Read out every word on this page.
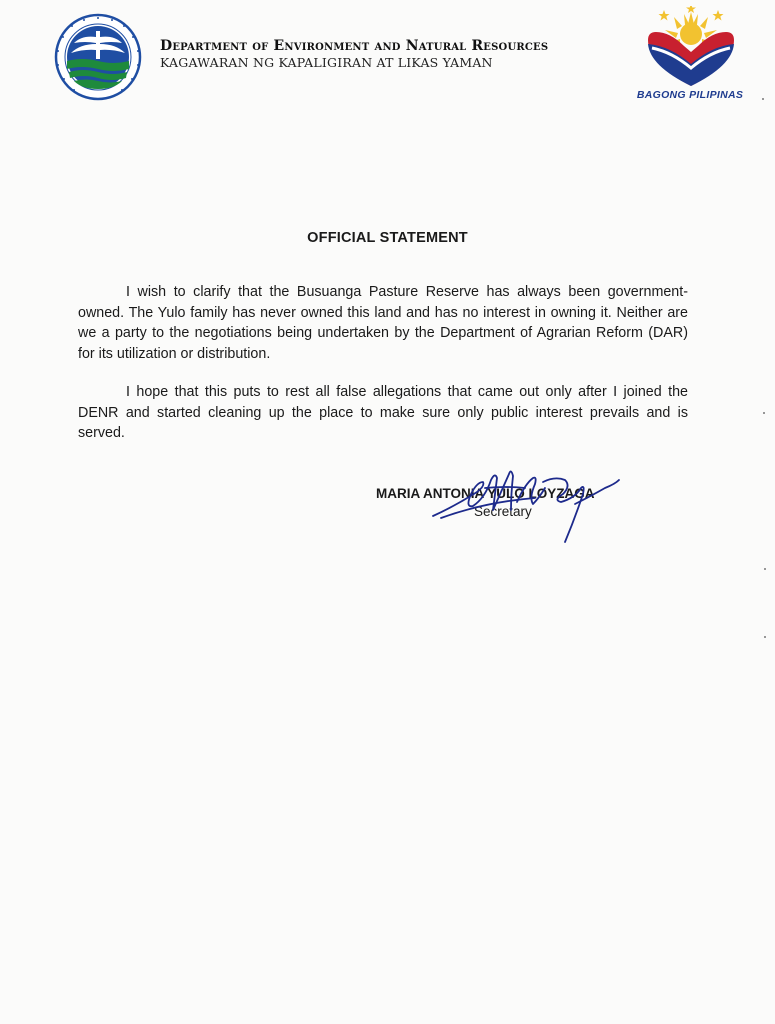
Department of Environment and Natural Resources
KAGAWARAN NG KAPALIGIRAN AT LIKAS YAMAN
BAGONG PILIPINAS
OFFICIAL STATEMENT

I wish to clarify that the Busuanga Pasture Reserve has always been government-owned. The Yulo family has never owned this land and has no interest in owning it. Neither are we a party to the negotiations being undertaken by the Department of Agrarian Reform (DAR) for its utilization or distribution.

I hope that this puts to rest all false allegations that came out only after I joined the DENR and started cleaning up the place to make sure only public interest prevails and is served.

MARIA ANTONIA YULO LOYZAGA
Secretary
